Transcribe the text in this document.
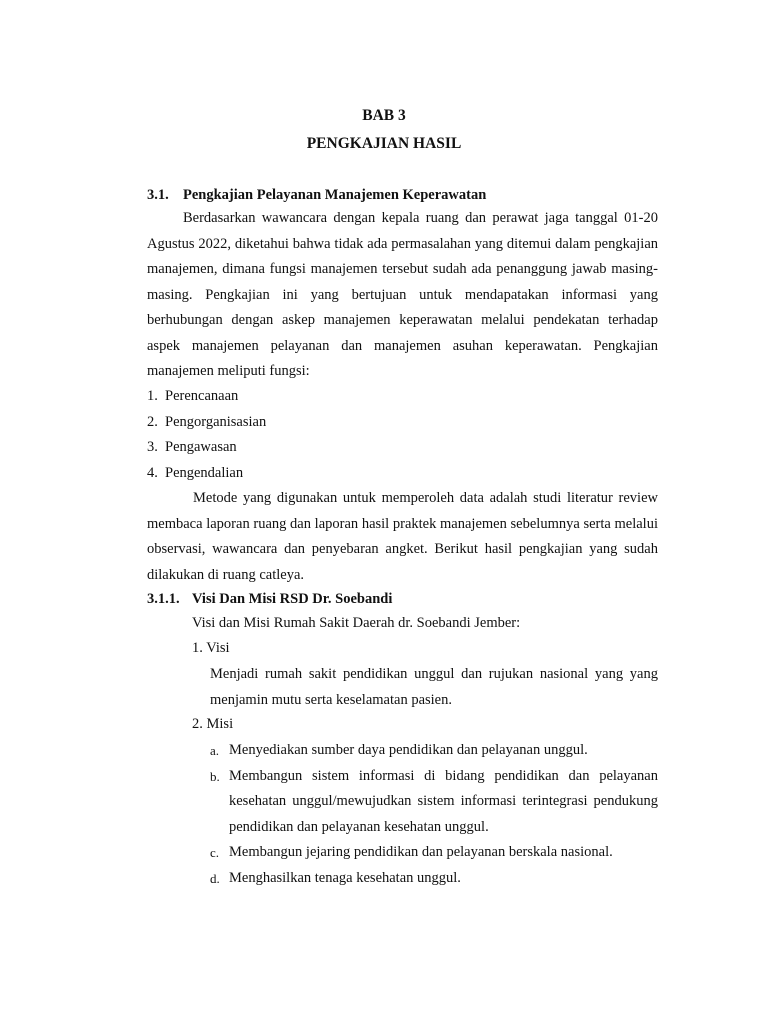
BAB 3
PENGKAJIAN HASIL
3.1. Pengkajian Pelayanan Manajemen Keperawatan
Berdasarkan wawancara dengan kepala ruang dan perawat jaga tanggal 01-20 Agustus 2022, diketahui bahwa tidak ada permasalahan yang ditemui dalam pengkajian manajemen, dimana fungsi manajemen tersebut sudah ada penanggung jawab masing-masing. Pengkajian ini yang bertujuan untuk mendapatakan informasi yang berhubungan dengan askep manajemen keperawatan melalui pendekatan terhadap aspek manajemen pelayanan dan manajemen asuhan keperawatan. Pengkajian manajemen meliputi fungsi:
1. Perencanaan
2. Pengorganisasian
3. Pengawasan
4. Pengendalian
Metode yang digunakan untuk memperoleh data adalah studi literatur review membaca laporan ruang dan laporan hasil praktek manajemen sebelumnya serta melalui observasi, wawancara dan penyebaran angket. Berikut hasil pengkajian yang sudah dilakukan di ruang catleya.
3.1.1. Visi Dan Misi RSD Dr. Soebandi
Visi dan Misi Rumah Sakit Daerah dr. Soebandi Jember:
1. Visi
Menjadi rumah sakit pendidikan unggul dan rujukan nasional yang yang menjamin mutu serta keselamatan pasien.
2. Misi
a. Menyediakan sumber daya pendidikan dan pelayanan unggul.
b. Membangun sistem informasi di bidang pendidikan dan pelayanan kesehatan unggul/mewujudkan sistem informasi terintegrasi pendukung pendidikan dan pelayanan kesehatan unggul.
c. Membangun jejaring pendidikan dan pelayanan berskala nasional.
d. Menghasilkan tenaga kesehatan unggul.
